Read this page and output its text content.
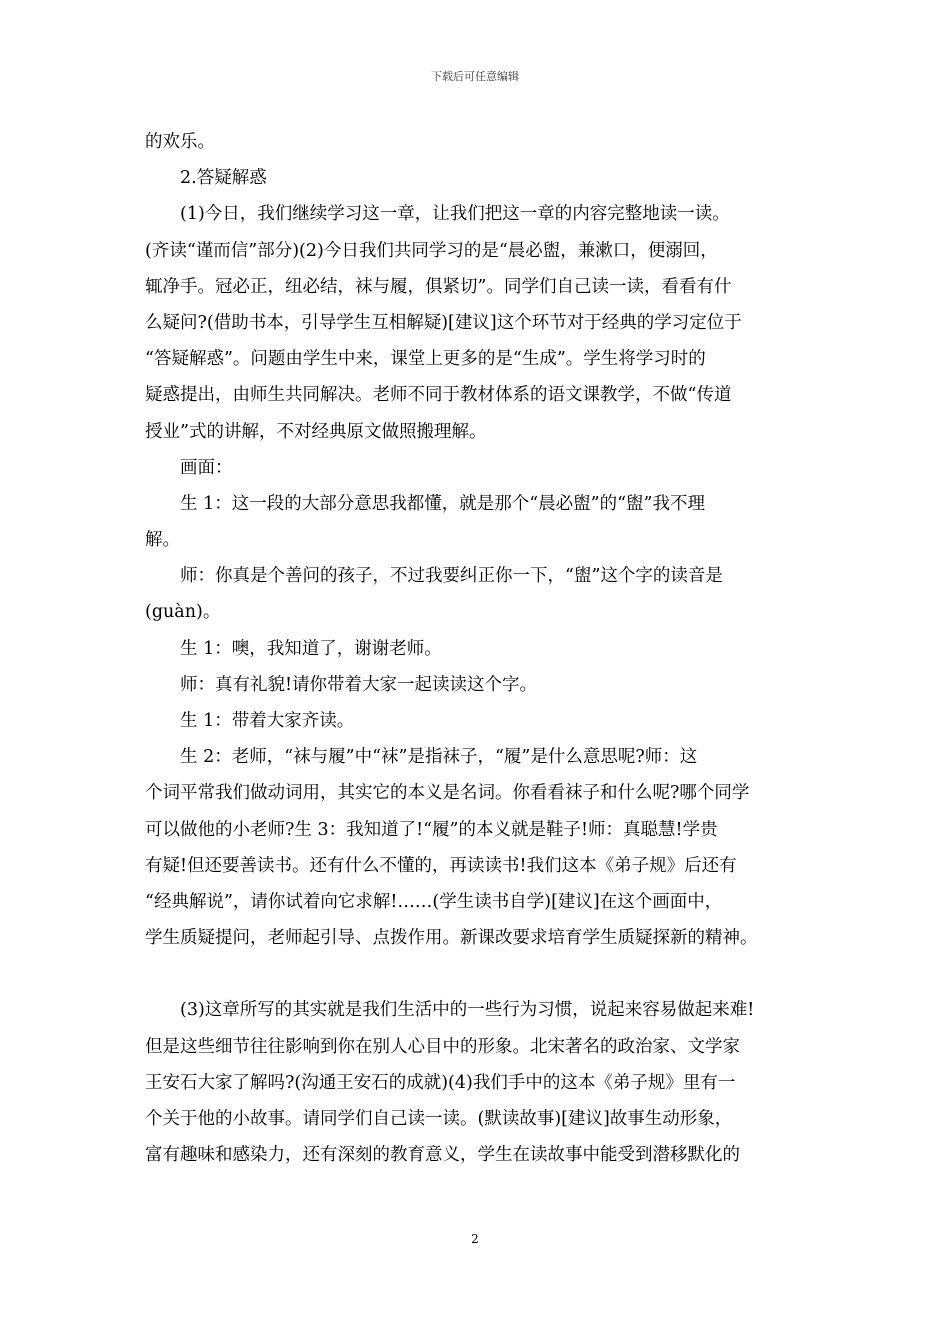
下载后可任意编辑
的欢乐。
　　2.答疑解惑
　　(1)今日，我们继续学习这一章，让我们把这一章的内容完整地读一读。
(齐读“谨而信”部分)(2)今日我们共同学习的是“晨必盥，兼漱口，便溺回，
辄净手。冠必正，纽必结，袜与履，俱紧切”。同学们自己读一读，看看有什
么疑问?(借助书本，引导学生互相解疑)[建议]这个环节对于经典的学习定位于
“答疑解惑”。问题由学生中来，课堂上更多的是“生成”。学生将学习时的
疑惑提出，由师生共同解决。老师不同于教材体系的语文课教学，不做“传道
授业”式的讲解，不对经典原文做照搬理解。
　　画面：
　　生 1：这一段的大部分意思我都懂，就是那个“晨必盥”的“盥”我不理
解。
　　师：你真是个善问的孩子，不过我要纠正你一下，“盥”这个字的读音是
(guàn)。
　　生 1：噢，我知道了，谢谢老师。
　　师：真有礼貌!请你带着大家一起读读这个字。
　　生 1：带着大家齐读。
　　生 2：老师，“袜与履”中“袜”是指袜子，“履”是什么意思呢?师：这
个词平常我们做动词用，其实它的本义是名词。你看看袜子和什么呢?哪个同学
可以做他的小老师?生 3：我知道了!“履”的本义就是鞋子!师：真聪慧!学贵
有疑!但还要善读书。还有什么不懂的，再读读书!我们这本《弟子规》后还有
“经典解说”，请你试着向它求解!……(学生读书自学)[建议]在这个画面中，
学生质疑提问，老师起引导、点拨作用。新课改要求培育学生质疑探新的精神。
　　(3)这章所写的其实就是我们生活中的一些行为习惯，说起来容易做起来难!
但是这些细节往往影响到你在别人心目中的形象。北宋著名的政治家、文学家
王安石大家了解吗?(沟通王安石的成就)(4)我们手中的这本《弟子规》里有一
个关于他的小故事。请同学们自己读一读。(默读故事)[建议]故事生动形象，
富有趣味和感染力，还有深刻的教育意义，学生在读故事中能受到潜移默化的
2
